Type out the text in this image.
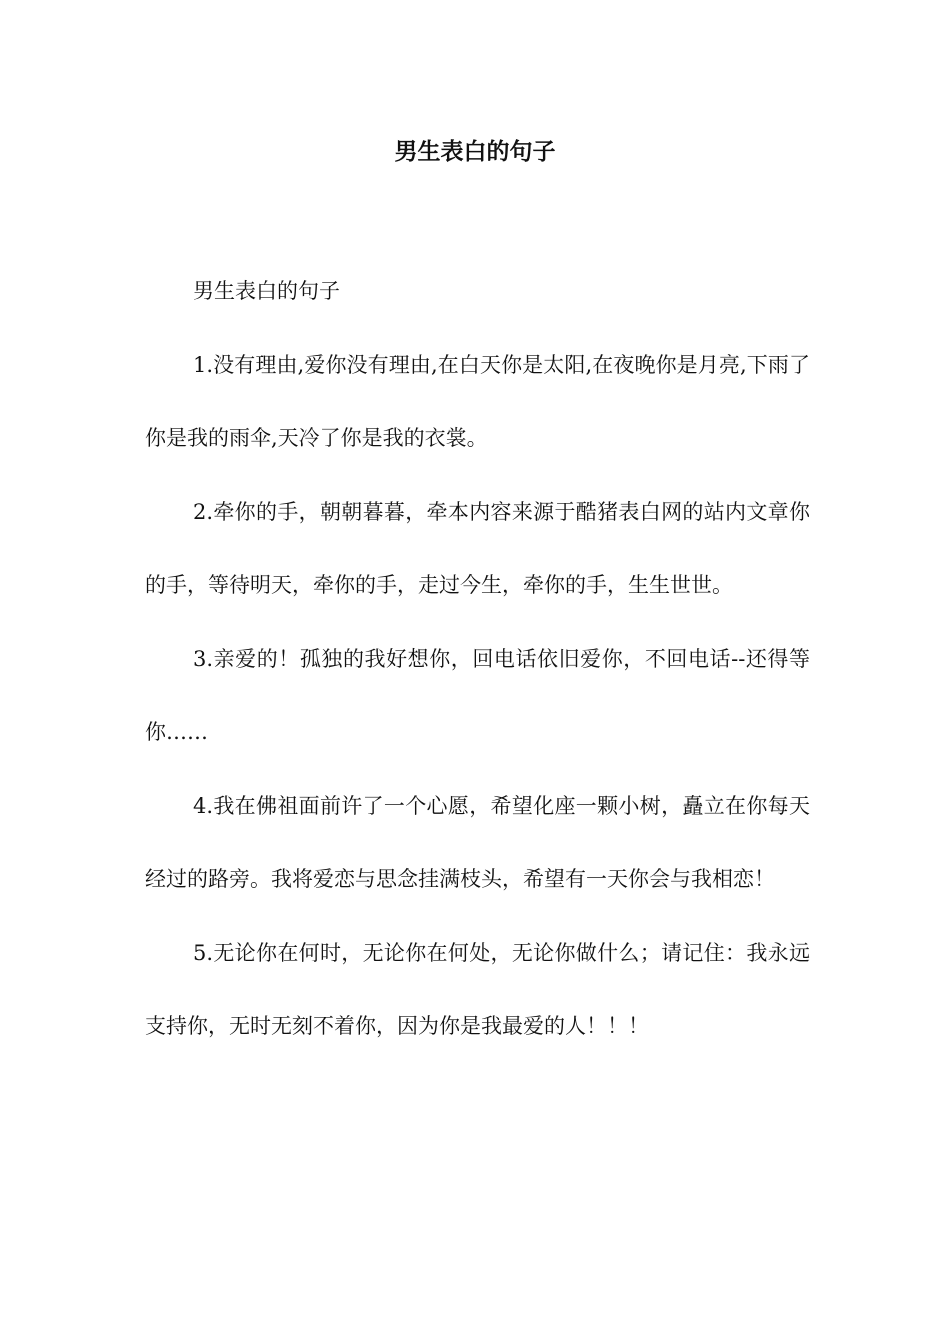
男生表白的句子

男生表白的句子

1.没有理由,爱你没有理由,在白天你是太阳,在夜晚你是月亮,下雨了你是我的雨伞,天冷了你是我的衣裳。

2.牵你的手，朝朝暮暮，牵本内容来源于酷猪表白网的站内文章你的手，等待明天，牵你的手，走过今生，牵你的手，生生世世。

3.亲爱的！孤独的我好想你，回电话依旧爱你，不回电话--还得等你……

4.我在佛祖面前许了一个心愿，希望化座一颗小树，矗立在你每天经过的路旁。我将爱恋与思念挂满枝头，希望有一天你会与我相恋！

5.无论你在何时，无论你在何处，无论你做什么；请记住：我永远支持你，无时无刻不着你，因为你是我最爱的人！！！
